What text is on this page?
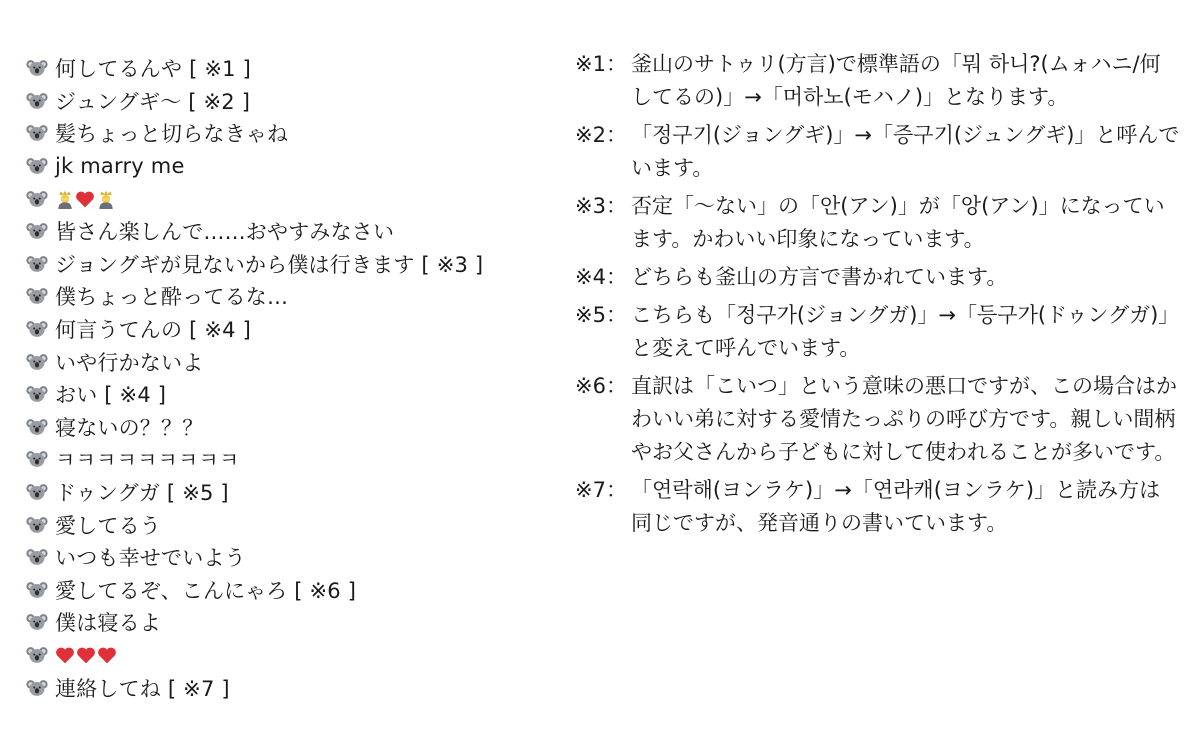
何してるんや [ ※1 ]
ジュングギ〜 [ ※2 ]
髪ちょっと切らなきゃね
jk marry me
皆さん楽しんで……おやすみなさい
ジョングギが見ないから僕は行きます [ ※3 ]
僕ちょっと酔ってるな…
何言うてんの [ ※4 ]
いや行かないよ
おい [ ※4 ]
寝ないの？？？
ㅋㅋㅋㅋㅋㅋㅋㅋㅋ
ドゥングガ [ ※5 ]
愛してるう
いつも幸せでいよう
愛してるぞ、こんにゃろ [ ※6 ]
僕は寝るよ
連絡してね [ ※7 ]
※1： 釜山のサトゥリ(方言)で標準語の「뭐 하니?(ムォハニ/何してるの)」→「머하노(モハノ)」となります。
※2： 「정구기(ジョングギ)」→「증구기(ジュングギ)」と呼んでいます。
※3： 否定「〜ない」の「안(アン)」が「앙(アン)」になっています。かわいい印象になっています。
※4： どちらも釜山の方言で書かれています。
※5： こちらも「정구가(ジョングガ)」→「등구가(ドゥングガ)」と変えて呼んでいます。
※6： 直訳は「こいつ」という意味の悪口ですが、この場合はかわいい弟に対する愛情たっぷりの呼び方です。親しい間柄やお父さんから子どもに対して使われることが多いです。
※7： 「연락해(ヨンラケ)」→「연라캐(ヨンラケ)」と読み方は同じですが、発音通りの書いています。
